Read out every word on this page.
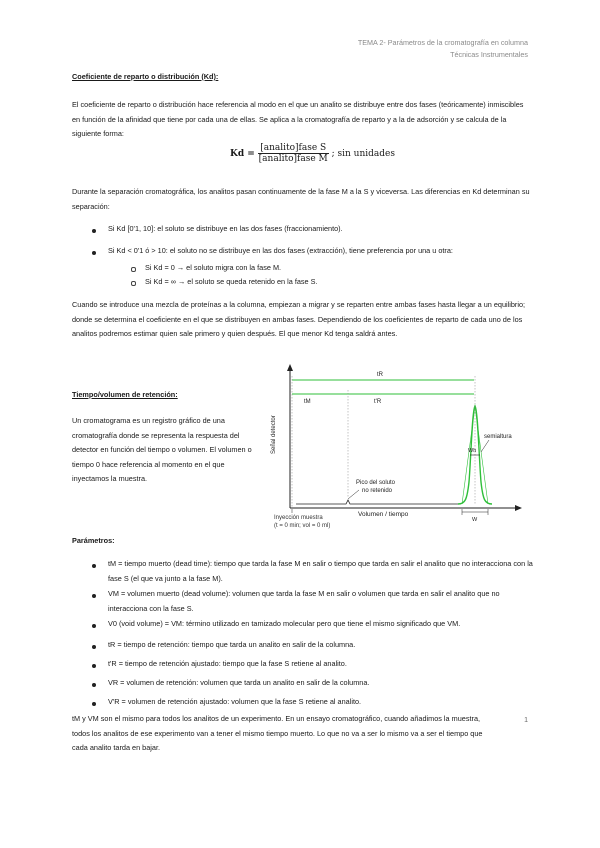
TEMA 2- Parámetros de la cromatografía en columna
Técnicas Instrumentales
Coeficiente de reparto o distribución (Kd):
El coeficiente de reparto o distribución hace referencia al modo en el que un analito se distribuye entre dos fases (teóricamente) inmiscibles en función de la afinidad que tiene por cada una de ellas. Se aplica a la cromatografía de reparto y a la de adsorción y se calcula de la siguiente forma:
$Kd = \frac{\text{[analito]fase S}}{\text{[analito]fase M}}$ ; sin unidades
Durante la separación cromatográfica, los analitos pasan continuamente de la fase M a la S y viceversa. Las diferencias en Kd determinan su separación:
Si Kd [0'1, 10]: el soluto se distribuye en las dos fases (fraccionamiento).
Si Kd < 0'1 ó > 10: el soluto no se distribuye en las dos fases (extracción), tiene preferencia por una u otra:
Si Kd = 0 → el soluto migra con la fase M.
Si Kd = ∞ → el soluto se queda retenido en la fase S.
Cuando se introduce una mezcla de proteínas a la columna, empiezan a migrar y se reparten entre ambas fases hasta llegar a un equilibrio; donde se determina el coeficiente en el que se distribuyen en ambas fases. Dependiendo de los coeficientes de reparto de cada uno de los analitos podremos estimar quien sale primero y quien después. El que menor Kd tenga saldrá antes.
Tiempo/volumen de retención:
Un cromatograma es un registro gráfico de una cromatografía donde se representa la respuesta del detector en función del tiempo o volumen. El volumen o tiempo 0 hace referencia al momento en el que inyectamos la muestra.
tR
tM	t'R
Wh
semialtura
W
Pico del soluto
no retenido
Señal detector
Volumen / tiempo
Inyección muestra
(t = 0 min; vol = 0 ml)
Parámetros:
tM = tiempo muerto (dead time): tiempo que tarda la fase M en salir o tiempo que tarda en salir el analito que no interacciona con la fase S (el que va junto a la fase M).
VM = volumen muerto (dead volume): volumen que tarda la fase M en salir o volumen que tarda en salir el analito que no interacciona con la fase S.
V0 (void volume) = VM: término utilizado en tamizado molecular pero que tiene el mismo significado que VM.
tR = tiempo de retención: tiempo que tarda un analito en salir de la columna.
t'R = tiempo de retención ajustado: tiempo que la fase S retiene al analito.
VR = volumen de retención: volumen que tarda un analito en salir de la columna.
V'R = volumen de retención ajustado: volumen que la fase S retiene al analito.
tM y VM son el mismo para todos los analitos de un experimento. En un ensayo cromatográfico, cuando añadimos la muestra, todos los analitos de ese experimento van a tener el mismo tiempo muerto. Lo que no va a ser lo mismo va a ser el tiempo que cada analito tarda en bajar.
1
